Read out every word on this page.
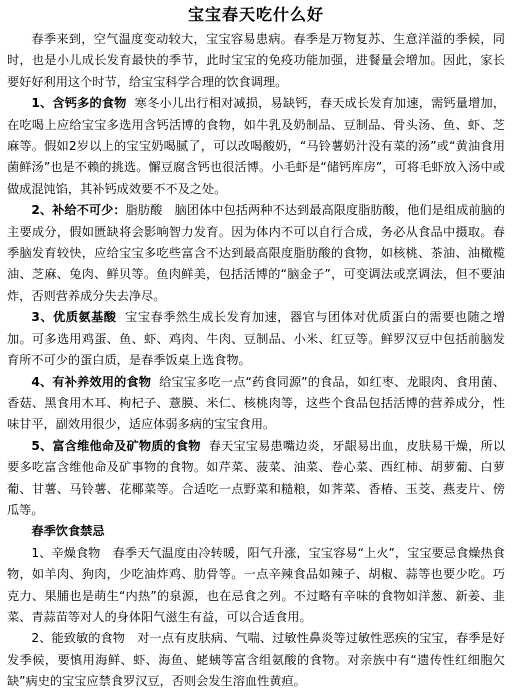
宝宝春天吃什么好

春季来到，空气温度变动较大，宝宝容易患病。春季是万物复苏、生意洋溢的季候，同时，也是小儿成长发育最快的季节，此时宝宝的免疫功能加强，进餐量会增加。因此，家长要好好利用这个时节，给宝宝科学合理的饮食调理。

1、含钙多的食物 寒冬小儿出行相对减损，易缺钙，春天成长发育加速，需钙量增加，在吃喝上应给宝宝多选用含钙活博的食物，如牛乳及奶制品、豆制品、骨头汤、鱼、虾、芝麻等。假如2岁以上的宝宝奶喝腻了，可以改喝酸奶，“马铃薯奶汁没有菜的汤”或“黄油食用菌鲜汤”也是不赖的挑选。懈豆腐含钙也很活博。小毛虾是“储钙库房”，可将毛虾放入汤中或做成混饨馅，其补钙成效要不不及之处。

2、补给不可少：脂肪酸　脑团体中包括两种不达到最高限度脂肪酸，他们是组成前脑的主要成分，假如匮缺将会影响智力发育。因为体内不可以自行合成，务必从食品中摄取。春季脑发育较快，应给宝宝多吃些富含不达到最高限度脂肪酸的食物，如核桃、茶油、油橄榄油、芝麻、兔肉、鲜贝等。鱼肉鲜美，包括活博的“脑金子”，可变调法或烹调法，但不要油炸，否则营养成分失去净尽。

3、优质氨基酸 宝宝春季然生成长发育加速，器官与团体对优质蛋白的需要也随之增加。可多选用鸡蛋、鱼、虾、鸡肉、牛肉、豆制品、小米、红豆等。鲜罗汉豆中包括前脑发育所不可少的蛋白质，是春季饭桌上选食物。

4、有补养效用的食物 给宝宝多吃一点“药食同源”的食品，如红枣、龙眼肉、食用菌、香菇、黑食用木耳、枸杞子、薏膜、米仁、核桃肉等，这些个食品包括活博的营养成分，性味甘平，副效用很少，适应体弱多病的宝宝食用。

5、富含维他命及矿物质的食物 春天宝宝易患嘴边炎，牙龈易出血，皮肤易干燥，所以要多吃富含维他命及矿事物的食物。如芹菜、菠菜、油菜、卷心菜、西红柿、胡萝葡、白萝葡、甘薯、马铃薯、花椰菜等。合适吃一点野菜和糙粮，如荠菜、香椿、玉茭、燕麦片、傍瓜等。

春季饮食禁忌

1、辛燥食物　春季天气温度由冷转暖，阳气升涨，宝宝容易“上火”，宝宝要忌食燥热食物，如羊肉、狗肉，少吃油炸鸡、肋骨等。一点辛辣食品如辣子、胡椒、蒜等也要少吃。巧克力、果脯也是萌生“内热”的泉源，也在忌食之列。不过略有辛味的食物如洋葱、新姜、韭菜、青蒜苗等对人的身体阳气滋生有益，可以合适食用。

2、能致敏的食物　对一点有皮肤病、气喘、过敏性鼻炎等过敏性恶疾的宝宝，春季是好发季候，要慎用海鲜、虾、海鱼、蛯蛦等富含组氨酸的食物。对亲族中有“遗传性红细胞欠缺”病史的宝宝应禁食罗汉豆，否则会发生溶血性黄疸。
